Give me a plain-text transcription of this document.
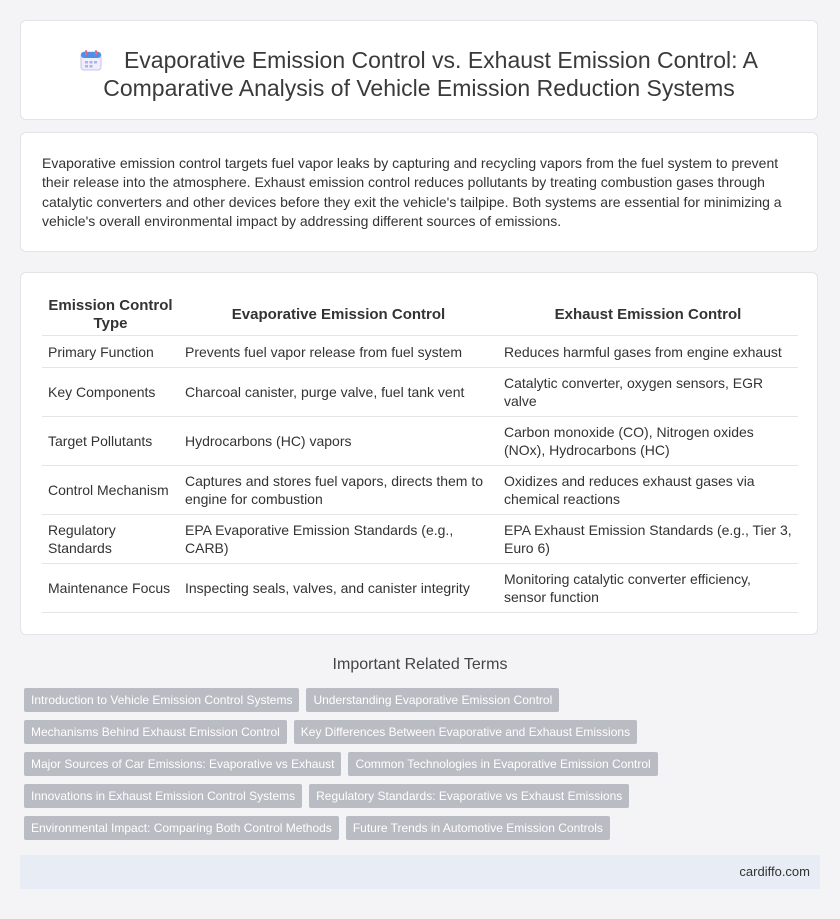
Evaporative Emission Control vs. Exhaust Emission Control: A Comparative Analysis of Vehicle Emission Reduction Systems
Evaporative emission control targets fuel vapor leaks by capturing and recycling vapors from the fuel system to prevent their release into the atmosphere. Exhaust emission control reduces pollutants by treating combustion gases through catalytic converters and other devices before they exit the vehicle's tailpipe. Both systems are essential for minimizing a vehicle's overall environmental impact by addressing different sources of emissions.
Emission Control Type	Evaporative Emission Control	Exhaust Emission Control
Primary Function	Prevents fuel vapor release from fuel system	Reduces harmful gases from engine exhaust
Key Components	Charcoal canister, purge valve, fuel tank vent	Catalytic converter, oxygen sensors, EGR valve
Target Pollutants	Hydrocarbons (HC) vapors	Carbon monoxide (CO), Nitrogen oxides (NOx), Hydrocarbons (HC)
Control Mechanism	Captures and stores fuel vapors, directs them to engine for combustion	Oxidizes and reduces exhaust gases via chemical reactions
Regulatory Standards	EPA Evaporative Emission Standards (e.g., CARB)	EPA Exhaust Emission Standards (e.g., Tier 3, Euro 6)
Maintenance Focus	Inspecting seals, valves, and canister integrity	Monitoring catalytic converter efficiency, sensor function
Important Related Terms
Introduction to Vehicle Emission Control Systems Understanding Evaporative Emission Control
Mechanisms Behind Exhaust Emission Control Key Differences Between Evaporative and Exhaust Emissions
Major Sources of Car Emissions: Evaporative vs Exhaust Common Technologies in Evaporative Emission Control
Innovations in Exhaust Emission Control Systems Regulatory Standards: Evaporative vs Exhaust Emissions
Environmental Impact: Comparing Both Control Methods Future Trends in Automotive Emission Controls
cardiffo.com
